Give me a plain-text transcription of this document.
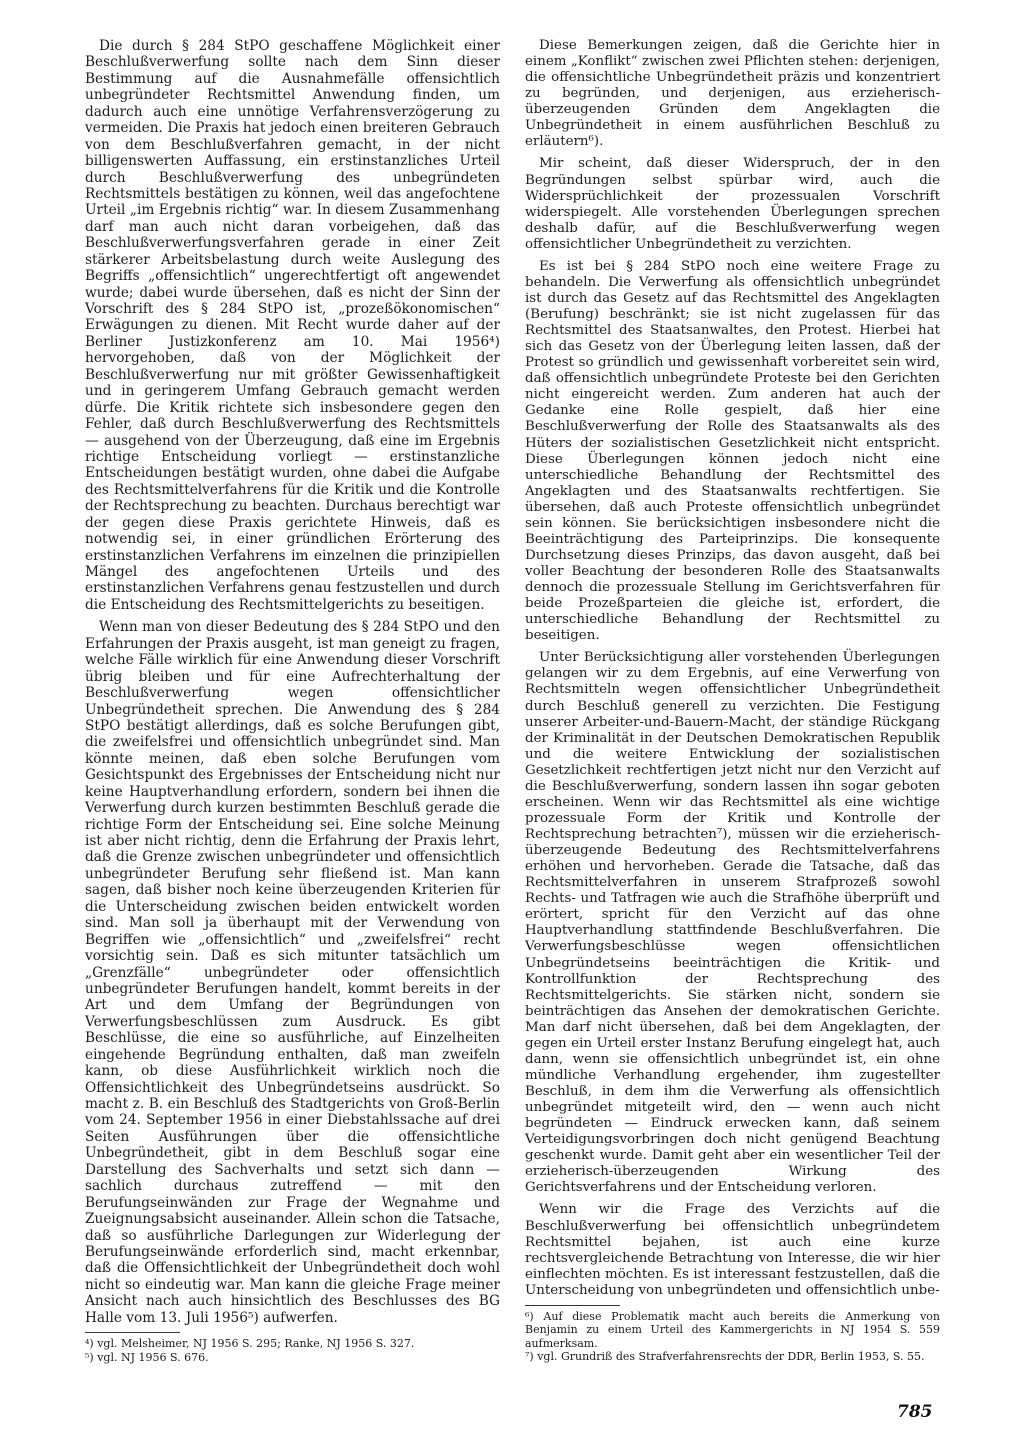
Die durch § 284 StPO geschaffene Möglichkeit einer Beschlußverwerfung sollte nach dem Sinn dieser Bestimmung auf die Ausnahmefälle offensichtlich unbegründeter Rechtsmittel Anwendung finden, um dadurch auch eine unnötige Verfahrensverzögerung zu vermeiden. Die Praxis hat jedoch einen breiteren Gebrauch von dem Beschlußverfahren gemacht, in der nicht billigenswerten Auffassung, ein erstinstanzliches Urteil durch Beschlußverwerfung des unbegründeten Rechtsmittels bestätigen zu können, weil das angefochtene Urteil „im Ergebnis richtig“ war. In diesem Zusammenhang darf man auch nicht daran vorbeigehen, daß das Beschlußverwerfungsverfahren gerade in einer Zeit stärkerer Arbeitsbelastung durch weite Auslegung des Begriffs „offensichtlich“ ungerechtfertigt oft angewendet wurde; dabei wurde übersehen, daß es nicht der Sinn der Vorschrift des § 284 StPO ist, „prozeßökonomischen“ Erwägungen zu dienen. Mit Recht wurde daher auf der Berliner Justizkonferenz am 10. Mai 1956⁴) hervorgehoben, daß von der Möglichkeit der Beschlußverwerfung nur mit größter Gewissenhaftigkeit und in geringerem Umfang Gebrauch gemacht werden dürfe. Die Kritik richtete sich insbesondere gegen den Fehler, daß durch Beschlußverwerfung des Rechtsmittels — ausgehend von der Überzeugung, daß eine im Ergebnis richtige Entscheidung vorliegt — erstinstanzliche Entscheidungen bestätigt wurden, ohne dabei die Aufgabe des Rechtsmittelverfahrens für die Kritik und die Kontrolle der Rechtsprechung zu beachten. Durchaus berechtigt war der gegen diese Praxis gerichtete Hinweis, daß es notwendig sei, in einer gründlichen Erörterung des erstinstanzlichen Verfahrens im einzelnen die prinzipiellen Mängel des angefochtenen Urteils und des erstinstanzlichen Verfahrens genau festzustellen und durch die Entscheidung des Rechtsmittelgerichts zu beseitigen.

Wenn man von dieser Bedeutung des § 284 StPO und den Erfahrungen der Praxis ausgeht, ist man geneigt zu fragen, welche Fälle wirklich für eine Anwendung dieser Vorschrift übrig bleiben und für eine Aufrechterhaltung der Beschlußverwerfung wegen offensichtlicher Unbegründetheit sprechen. Die Anwendung des § 284 StPO bestätigt allerdings, daß es solche Berufungen gibt, die zweifelsfrei und offensichtlich unbegründet sind. Man könnte meinen, daß eben solche Berufungen vom Gesichtspunkt des Ergebnisses der Entscheidung nicht nur keine Hauptverhandlung erfordern, sondern bei ihnen die Verwerfung durch kurzen bestimmten Beschluß gerade die richtige Form der Entscheidung sei. Eine solche Meinung ist aber nicht richtig, denn die Erfahrung der Praxis lehrt, daß die Grenze zwischen unbegründeter und offensichtlich unbegründeter Berufung sehr fließend ist. Man kann sagen, daß bisher noch keine überzeugenden Kriterien für die Unterscheidung zwischen beiden entwickelt worden sind. Man soll ja überhaupt mit der Verwendung von Begriffen wie „offensichtlich“ und „zweifelsfrei“ recht vorsichtig sein. Daß es sich mitunter tatsächlich um „Grenzfälle“ unbegründeter oder offensichtlich unbegründeter Berufungen handelt, kommt bereits in der Art und dem Umfang der Begründungen von Verwerfungsbeschlüssen zum Ausdruck. Es gibt Beschlüsse, die eine so ausführliche, auf Einzelheiten eingehende Begründung enthalten, daß man zweifeln kann, ob diese Ausführlichkeit wirklich noch die Offensichtlichkeit des Unbegründetseins ausdrückt. So macht z. B. ein Beschluß des Stadtgerichts von Groß-Berlin vom 24. September 1956 in einer Diebstahlssache auf drei Seiten Ausführungen über die offensichtliche Unbegründetheit, gibt in dem Beschluß sogar eine Darstellung des Sachverhalts und setzt sich dann — sachlich durchaus zutreffend — mit den Berufungseinwänden zur Frage der Wegnahme und Zueignungsabsicht auseinander. Allein schon die Tatsache, daß so ausführliche Darlegungen zur Widerlegung der Berufungseinwände erforderlich sind, macht erkennbar, daß die Offensichtlichkeit der Unbegründetheit doch wohl nicht so eindeutig war. Man kann die gleiche Frage meiner Ansicht nach auch hinsichtlich des Beschlusses des BG Halle vom 13. Juli 1956⁵) aufwerfen.

⁴) vgl. Melsheimer, NJ 1956 S. 295; Ranke, NJ 1956 S. 327.
⁵) vgl. NJ 1956 S. 676.

Diese Bemerkungen zeigen, daß die Gerichte hier in einem „Konflikt“ zwischen zwei Pflichten stehen: derjenigen, die offensichtliche Unbegründetheit präzis und konzentriert zu begründen, und derjenigen, aus erzieherisch-überzeugenden Gründen dem Angeklagten die Unbegründetheit in einem ausführlichen Beschluß zu erläutern⁶).

Mir scheint, daß dieser Widerspruch, der in den Begründungen selbst spürbar wird, auch die Widersprüchlichkeit der prozessualen Vorschrift widerspiegelt. Alle vorstehenden Überlegungen sprechen deshalb dafür, auf die Beschlußverwerfung wegen offensichtlicher Unbegründetheit zu verzichten.

Es ist bei § 284 StPO noch eine weitere Frage zu behandeln. Die Verwerfung als offensichtlich unbegründet ist durch das Gesetz auf das Rechtsmittel des Angeklagten (Berufung) beschränkt; sie ist nicht zugelassen für das Rechtsmittel des Staatsanwaltes, den Protest. Hierbei hat sich das Gesetz von der Überlegung leiten lassen, daß der Protest so gründlich und gewissenhaft vorbereitet sein wird, daß offensichtlich unbegründete Proteste bei den Gerichten nicht eingereicht werden. Zum anderen hat auch der Gedanke eine Rolle gespielt, daß hier eine Beschlußverwerfung der Rolle des Staatsanwalts als des Hüters der sozialistischen Gesetzlichkeit nicht entspricht. Diese Überlegungen können jedoch nicht eine unterschiedliche Behandlung der Rechtsmittel des Angeklagten und des Staatsanwalts rechtfertigen. Sie übersehen, daß auch Proteste offensichtlich unbegründet sein können. Sie berücksichtigen insbesondere nicht die Beeinträchtigung des Parteiprinzips. Die konsequente Durchsetzung dieses Prinzips, das davon ausgeht, daß bei voller Beachtung der besonderen Rolle des Staatsanwalts dennoch die prozessuale Stellung im Gerichtsverfahren für beide Prozeßparteien die gleiche ist, erfordert, die unterschiedliche Behandlung der Rechtsmittel zu beseitigen.

Unter Berücksichtigung aller vorstehenden Überlegungen gelangen wir zu dem Ergebnis, auf eine Verwerfung von Rechtsmitteln wegen offensichtlicher Unbegründetheit durch Beschluß generell zu verzichten. Die Festigung unserer Arbeiter-und-Bauern-Macht, der ständige Rückgang der Kriminalität in der Deutschen Demokratischen Republik und die weitere Entwicklung der sozialistischen Gesetzlichkeit rechtfertigen jetzt nicht nur den Verzicht auf die Beschlußverwerfung, sondern lassen ihn sogar geboten erscheinen. Wenn wir das Rechtsmittel als eine wichtige prozessuale Form der Kritik und Kontrolle der Rechtsprechung betrachten⁷), müssen wir die erzieherisch-überzeugende Bedeutung des Rechtsmittelverfahrens erhöhen und hervorheben. Gerade die Tatsache, daß das Rechtsmittelverfahren in unserem Strafprozeß sowohl Rechts- und Tatfragen wie auch die Strafhöhe überprüft und erörtert, spricht für den Verzicht auf das ohne Hauptverhandlung stattfindende Beschlußverfahren. Die Verwerfungsbeschlüsse wegen offensichtlichen Unbegründetseins beeinträchtigen die Kritik- und Kontrollfunktion der Rechtsprechung des Rechtsmittelgerichts. Sie stärken nicht, sondern sie beinträchtigen das Ansehen der demokratischen Gerichte. Man darf nicht übersehen, daß bei dem Angeklagten, der gegen ein Urteil erster Instanz Berufung eingelegt hat, auch dann, wenn sie offensichtlich unbegründet ist, ein ohne mündliche Verhandlung ergehender, ihm zugestellter Beschluß, in dem ihm die Verwerfung als offensichtlich unbegründet mitgeteilt wird, den — wenn auch nicht begründeten — Eindruck erwecken kann, daß seinem Verteidigungsvorbringen doch nicht genügend Beachtung geschenkt wurde. Damit geht aber ein wesentlicher Teil der erzieherisch-überzeugenden Wirkung des Gerichtsverfahrens und der Entscheidung verloren.

Wenn wir die Frage des Verzichts auf die Beschlußverwerfung bei offensichtlich unbegründetem Rechtsmittel bejahen, ist auch eine kurze rechtsvergleichende Betrachtung von Interesse, die wir hier einflechten möchten. Es ist interessant festzustellen, daß die Unterscheidung von unbegründeten und offensichtlich unbe-

⁶) Auf diese Problematik macht auch bereits die Anmerkung von Benjamin zu einem Urteil des Kammergerichts in NJ 1954 S. 559 aufmerksam.
⁷) vgl. Grundriß des Strafverfahrensrechts der DDR, Berlin 1953, S. 55.
785
